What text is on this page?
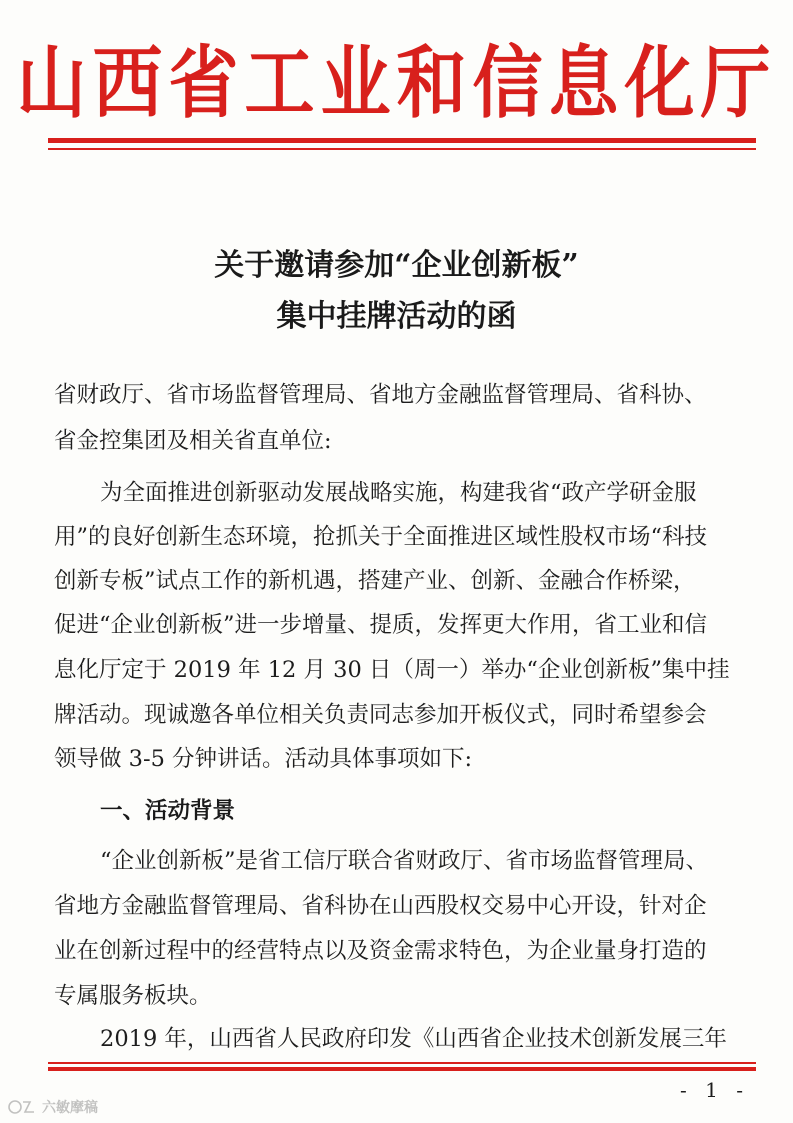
山西省工业和信息化厅
关于邀请参加“企业创新板”
集中挂牌活动的函
省财政厅、省市场监督管理局、省地方金融监督管理局、省科协、
省金控集团及相关省直单位:
为全面推进创新驱动发展战略实施，构建我省“政产学研金服
用”的良好创新生态环境，抢抓关于全面推进区域性股权市场“科技
创新专板”试点工作的新机遇，搭建产业、创新、金融合作桥梁，
促进“企业创新板”进一步增量、提质，发挥更大作用，省工业和信
息化厅定于 2019 年 12 月 30 日（周一）举办“企业创新板”集中挂
牌活动。现诚邀各单位相关负责同志参加开板仪式，同时希望参会
领导做 3-5 分钟讲话。活动具体事项如下:
一、活动背景
“企业创新板”是省工信厅联合省财政厅、省市场监督管理局、
省地方金融监督管理局、省科协在山西股权交易中心开设，针对企
业在创新过程中的经营特点以及资金需求特色，为企业量身打造的
专属服务板块。
2019 年，山西省人民政府印发《山西省企业技术创新发展三年
- 1 -
六敏摩稿
